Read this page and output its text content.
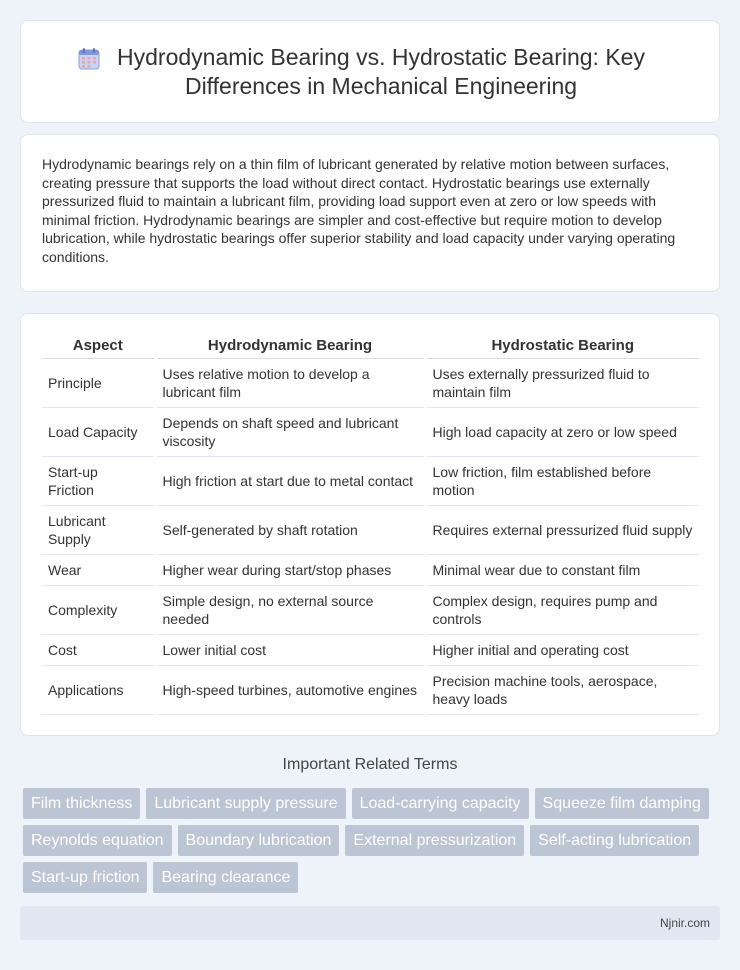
Hydrodynamic Bearing vs. Hydrostatic Bearing: Key Differences in Mechanical Engineering

Hydrodynamic bearings rely on a thin film of lubricant generated by relative motion between surfaces, creating pressure that supports the load without direct contact. Hydrostatic bearings use externally pressurized fluid to maintain a lubricant film, providing load support even at zero or low speeds with minimal friction. Hydrodynamic bearings are simpler and cost-effective but require motion to develop lubrication, while hydrostatic bearings offer superior stability and load capacity under varying operating conditions.

Aspect	Hydrodynamic Bearing	Hydrostatic Bearing
Principle	Uses relative motion to develop a lubricant film	Uses externally pressurized fluid to maintain film
Load Capacity	Depends on shaft speed and lubricant viscosity	High load capacity at zero or low speed
Start-up Friction	High friction at start due to metal contact	Low friction, film established before motion
Lubricant Supply	Self-generated by shaft rotation	Requires external pressurized fluid supply
Wear	Higher wear during start/stop phases	Minimal wear due to constant film
Complexity	Simple design, no external source needed	Complex design, requires pump and controls
Cost	Lower initial cost	Higher initial and operating cost
Applications	High-speed turbines, automotive engines	Precision machine tools, aerospace, heavy loads
Important Related Terms
Film thickness	Lubricant supply pressure	Load-carrying capacity	Squeeze film damping
Reynolds equation	Boundary lubrication	External pressurization	Self-acting lubrication
Start-up friction	Bearing clearance
Njnir.com
